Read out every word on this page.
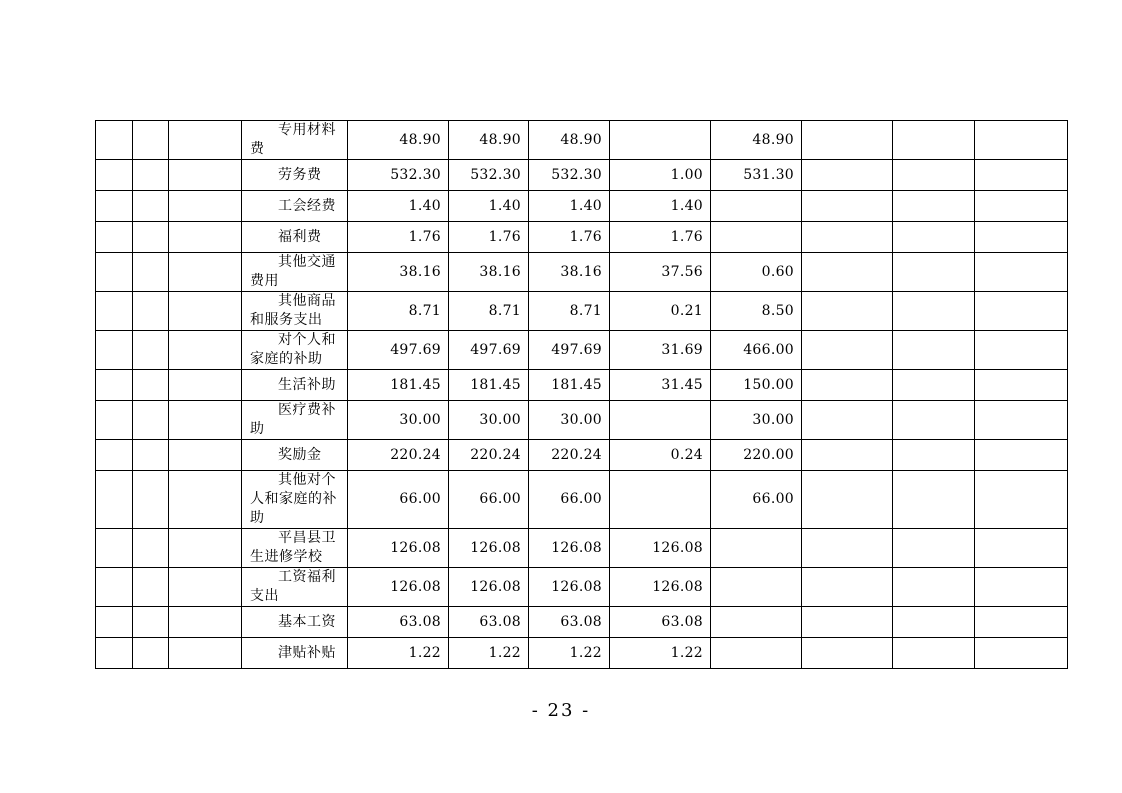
			专用材料费	48.90	48.90	48.90		48.90			

			劳务费	532.30	532.30	532.30	1.00	531.30			

			工会经费	1.40	1.40	1.40	1.40				

			福利费	1.76	1.76	1.76	1.76				

			其他交通费用	38.16	38.16	38.16	37.56	0.60			

			其他商品和服务支出	8.71	8.71	8.71	0.21	8.50			

			对个人和家庭的补助	497.69	497.69	497.69	31.69	466.00			

			生活补助	181.45	181.45	181.45	31.45	150.00			

			医疗费补助	30.00	30.00	30.00		30.00			

			奖励金	220.24	220.24	220.24	0.24	220.00			

			其他对个人和家庭的补助	66.00	66.00	66.00		66.00			

			平昌县卫生进修学校	126.08	126.08	126.08	126.08				

			工资福利支出	126.08	126.08	126.08	126.08				

			基本工资	63.08	63.08	63.08	63.08				

			津贴补贴	1.22	1.22	1.22	1.22				
- 23 -
